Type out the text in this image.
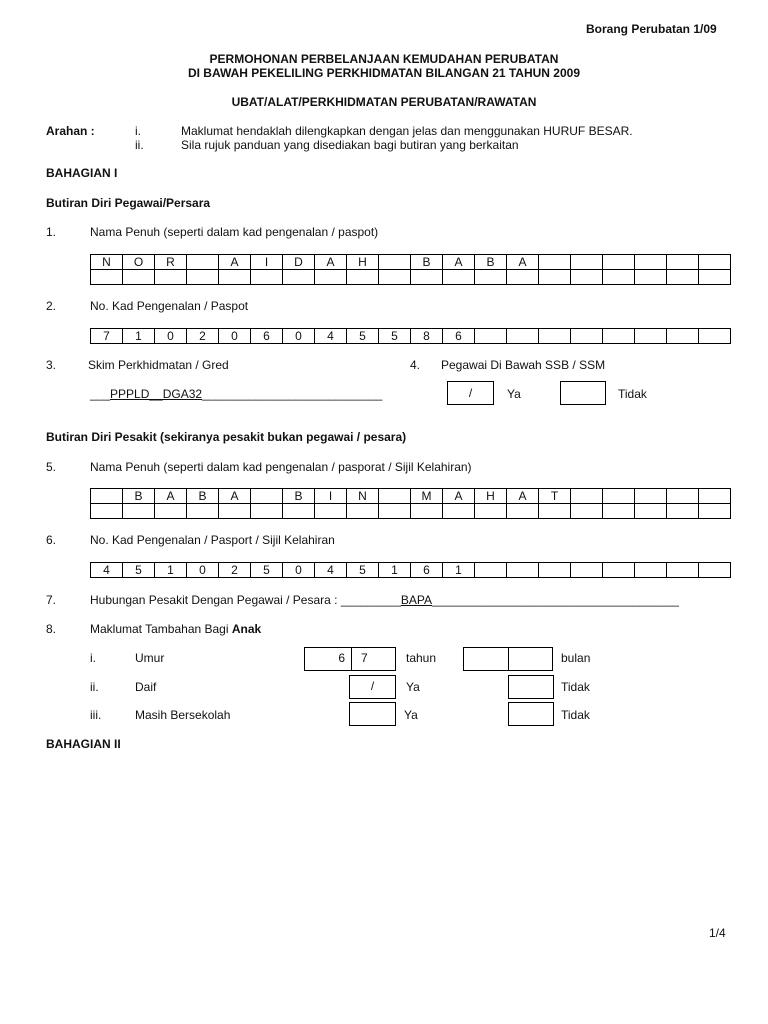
Borang Perubatan 1/09
PERMOHONAN PERBELANJAAN KEMUDAHAN PERUBATAN
DI BAWAH PEKELILING PERKHIDMATAN BILANGAN 21 TAHUN 2009
UBAT/ALAT/PERKHIDMATAN PERUBATAN/RAWATAN
Arahan :	i.	Maklumat hendaklah dilengkapkan dengan jelas dan menggunakan HURUF BESAR.
ii.	Sila rujuk panduan yang disediakan bagi butiran yang berkaitan
BAHAGIAN I
Butiran Diri Pegawai/Persara
1.	Nama Penuh (seperti dalam kad pengenalan / paspot)
N	O	R		A	I	D	A	H		B	A	B	A						

2.	No. Kad Pengenalan / Paspot
7	1	0	2	0	6	0	4	5	5	8	6								
3.	Skim Perkhidmatan / Gred
___PPPLD__DGA32___________________________
4. Pegawai Di Bawah SSB / SSM
/	Ya	Tidak
Butiran Diri Pesakit (sekiranya pesakit bukan pegawai / pesara)
5.	Nama Penuh (seperti dalam kad pengenalan / pasporat / Sijil Kelahiran)
	B	A	B	A		B	I	N		M	A	H	A	T					

6.	No. Kad Pengenalan / Pasport / Sijil Kelahiran
4	5	1	0	2	5	0	4	5	1	6	1								
7.	Hubungan Pesakit Dengan Pegawai / Pesara : _________BAPA_____________________________________
8.	Maklumat Tambahan Bagi Anak
i.	Umur	6	7	tahun	bulan
ii.	Daif	/	Ya	Tidak
iii.	Masih Bersekolah	Ya	Tidak
BAHAGIAN II
1/4
